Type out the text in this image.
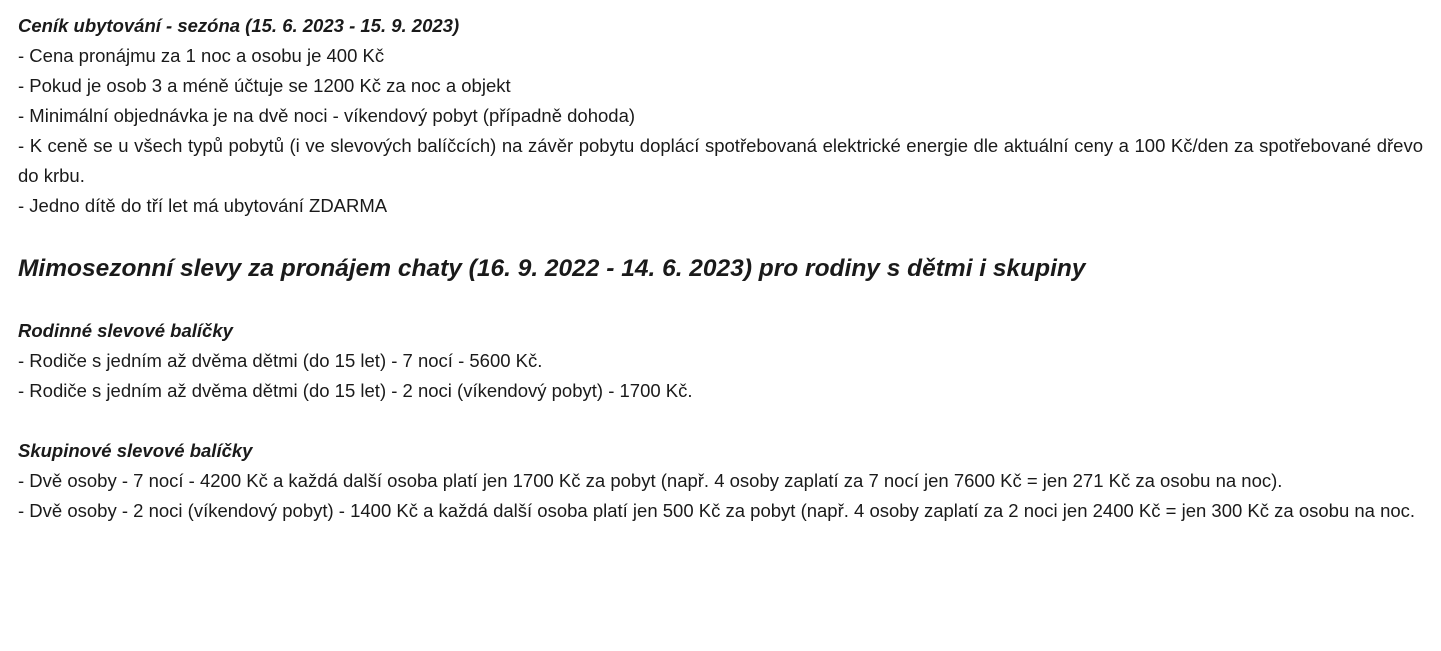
Ceník ubytování - sezóna (15. 6. 2023 - 15. 9. 2023)

- Cena pronájmu za 1 noc a osobu je 400 Kč

- Pokud je osob 3 a méně účtuje se 1200 Kč za noc a objekt

- Minimální objednávka je na dvě noci - víkendový pobyt (případně dohoda)

- K ceně se u všech typů pobytů (i ve slevových balíčcích) na závěr pobytu doplácí spotřebovaná elektrické energie dle aktuální ceny a 100 Kč/den za spotřebované dřevo do krbu.

- Jedno dítě do tří let má ubytování ZDARMA

Mimosezonní slevy za pronájem chaty (16. 9. 2022 - 14. 6. 2023) pro rodiny s dětmi i skupiny

Rodinné slevové balíčky

- Rodiče s jedním až dvěma dětmi (do 15 let) - 7 nocí - 5600 Kč.

- Rodiče s jedním až dvěma dětmi (do 15 let) - 2 noci (víkendový pobyt) - 1700 Kč.

Skupinové slevové balíčky

- Dvě osoby - 7 nocí - 4200 Kč a každá další osoba platí jen 1700 Kč za pobyt (např. 4 osoby zaplatí za 7 nocí jen 7600 Kč = jen 271 Kč za osobu na noc).

- Dvě osoby - 2 noci (víkendový pobyt) - 1400 Kč a každá další osoba platí jen 500 Kč za pobyt (např. 4 osoby zaplatí za 2 noci jen 2400 Kč = jen 300 Kč za osobu na noc.
